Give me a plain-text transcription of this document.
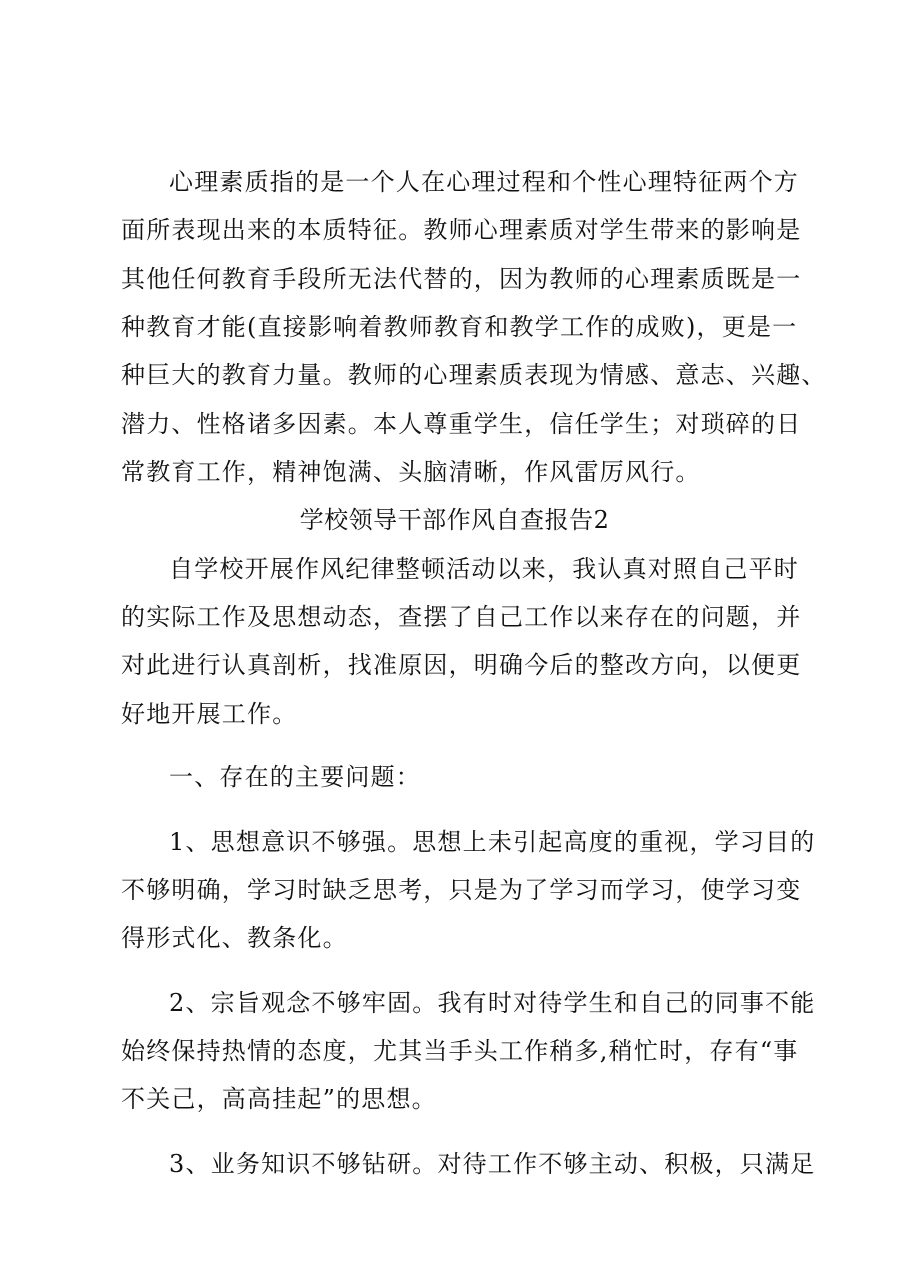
心理素质指的是一个人在心理过程和个性心理特征两个方
面所表现出来的本质特征。教师心理素质对学生带来的影响是
其他任何教育手段所无法代替的，因为教师的心理素质既是一
种教育才能(直接影响着教师教育和教学工作的成败)，更是一
种巨大的教育力量。教师的心理素质表现为情感、意志、兴趣、
潜力、性格诸多因素。本人尊重学生，信任学生；对琐碎的日
常教育工作，精神饱满、头脑清晰，作风雷厉风行。
学校领导干部作风自查报告2
自学校开展作风纪律整顿活动以来，我认真对照自己平时
的实际工作及思想动态，查摆了自己工作以来存在的问题，并
对此进行认真剖析，找准原因，明确今后的整改方向，以便更
好地开展工作。
一、存在的主要问题：
1、思想意识不够强。思想上未引起高度的重视，学习目的
不够明确，学习时缺乏思考，只是为了学习而学习，使学习变
得形式化、教条化。
2、宗旨观念不够牢固。我有时对待学生和自己的同事不能
始终保持热情的态度，尤其当手头工作稍多,稍忙时，存有“事
不关己，高高挂起”的思想。
3、业务知识不够钻研。对待工作不够主动、积极，只满足
